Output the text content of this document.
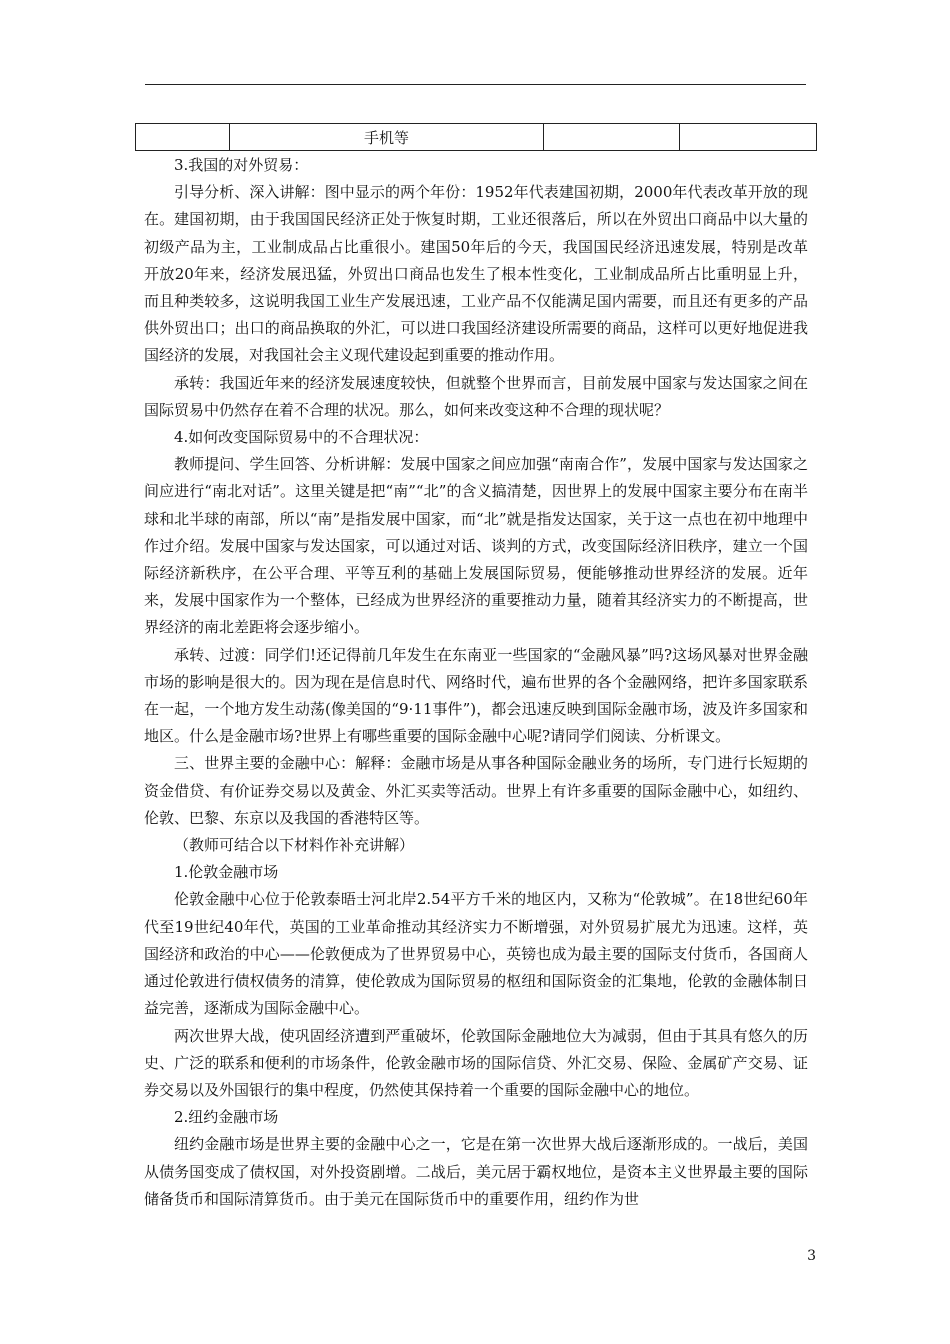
	手机等		

3.我国的对外贸易：

引导分析、深入讲解：图中显示的两个年份：1952年代表建国初期，2000年代表改革开放的现在。建国初期，由于我国国民经济正处于恢复时期，工业还很落后，所以在外贸出口商品中以大量的初级产品为主，工业制成品占比重很小。建国50年后的今天，我国国民经济迅速发展，特别是改革开放20年来，经济发展迅猛，外贸出口商品也发生了根本性变化，工业制成品所占比重明显上升，而且种类较多，这说明我国工业生产发展迅速，工业产品不仅能满足国内需要，而且还有更多的产品供外贸出口；出口的商品换取的外汇，可以进口我国经济建设所需要的商品，这样可以更好地促进我国经济的发展，对我国社会主义现代建设起到重要的推动作用。

承转：我国近年来的经济发展速度较快，但就整个世界而言，目前发展中国家与发达国家之间在国际贸易中仍然存在着不合理的状况。那么，如何来改变这种不合理的现状呢？

4.如何改变国际贸易中的不合理状况：

教师提问、学生回答、分析讲解：发展中国家之间应加强“南南合作”，发展中国家与发达国家之间应进行“南北对话”。这里关键是把“南”“北”的含义搞清楚，因世界上的发展中国家主要分布在南半球和北半球的南部，所以“南”是指发展中国家，而“北”就是指发达国家，关于这一点也在初中地理中作过介绍。发展中国家与发达国家，可以通过对话、谈判的方式，改变国际经济旧秩序，建立一个国际经济新秩序，在公平合理、平等互利的基础上发展国际贸易，便能够推动世界经济的发展。近年来，发展中国家作为一个整体，已经成为世界经济的重要推动力量，随着其经济实力的不断提高，世界经济的南北差距将会逐步缩小。

承转、过渡：同学们!还记得前几年发生在东南亚一些国家的“金融风暴”吗?这场风暴对世界金融市场的影响是很大的。因为现在是信息时代、网络时代，遍布世界的各个金融网络，把许多国家联系在一起，一个地方发生动荡(像美国的“9·11事件”)，都会迅速反映到国际金融市场，波及许多国家和地区。什么是金融市场?世界上有哪些重要的国际金融中心呢?请同学们阅读、分析课文。

三、世界主要的金融中心：解释：金融市场是从事各种国际金融业务的场所，专门进行长短期的资金借贷、有价证券交易以及黄金、外汇买卖等活动。世界上有许多重要的国际金融中心，如纽约、伦敦、巴黎、东京以及我国的香港特区等。

（教师可结合以下材料作补充讲解）

1.伦敦金融市场

伦敦金融中心位于伦敦泰晤士河北岸2.54平方千米的地区内，又称为“伦敦城”。在18世纪60年代至19世纪40年代，英国的工业革命推动其经济实力不断增强，对外贸易扩展尤为迅速。这样，英国经济和政治的中心——伦敦便成为了世界贸易中心，英镑也成为最主要的国际支付货币，各国商人通过伦敦进行债权债务的清算，使伦敦成为国际贸易的枢纽和国际资金的汇集地，伦敦的金融体制日益完善，逐渐成为国际金融中心。

两次世界大战，使巩固经济遭到严重破坏，伦敦国际金融地位大为减弱，但由于其具有悠久的历史、广泛的联系和便利的市场条件，伦敦金融市场的国际信贷、外汇交易、保险、金属矿产交易、证券交易以及外国银行的集中程度，仍然使其保持着一个重要的国际金融中心的地位。

2.纽约金融市场

纽约金融市场是世界主要的金融中心之一，它是在第一次世界大战后逐渐形成的。一战后，美国从债务国变成了债权国，对外投资剧增。二战后，美元居于霸权地位，是资本主义世界最主要的国际储备货币和国际清算货币。由于美元在国际货币中的重要作用，纽约作为世

3
